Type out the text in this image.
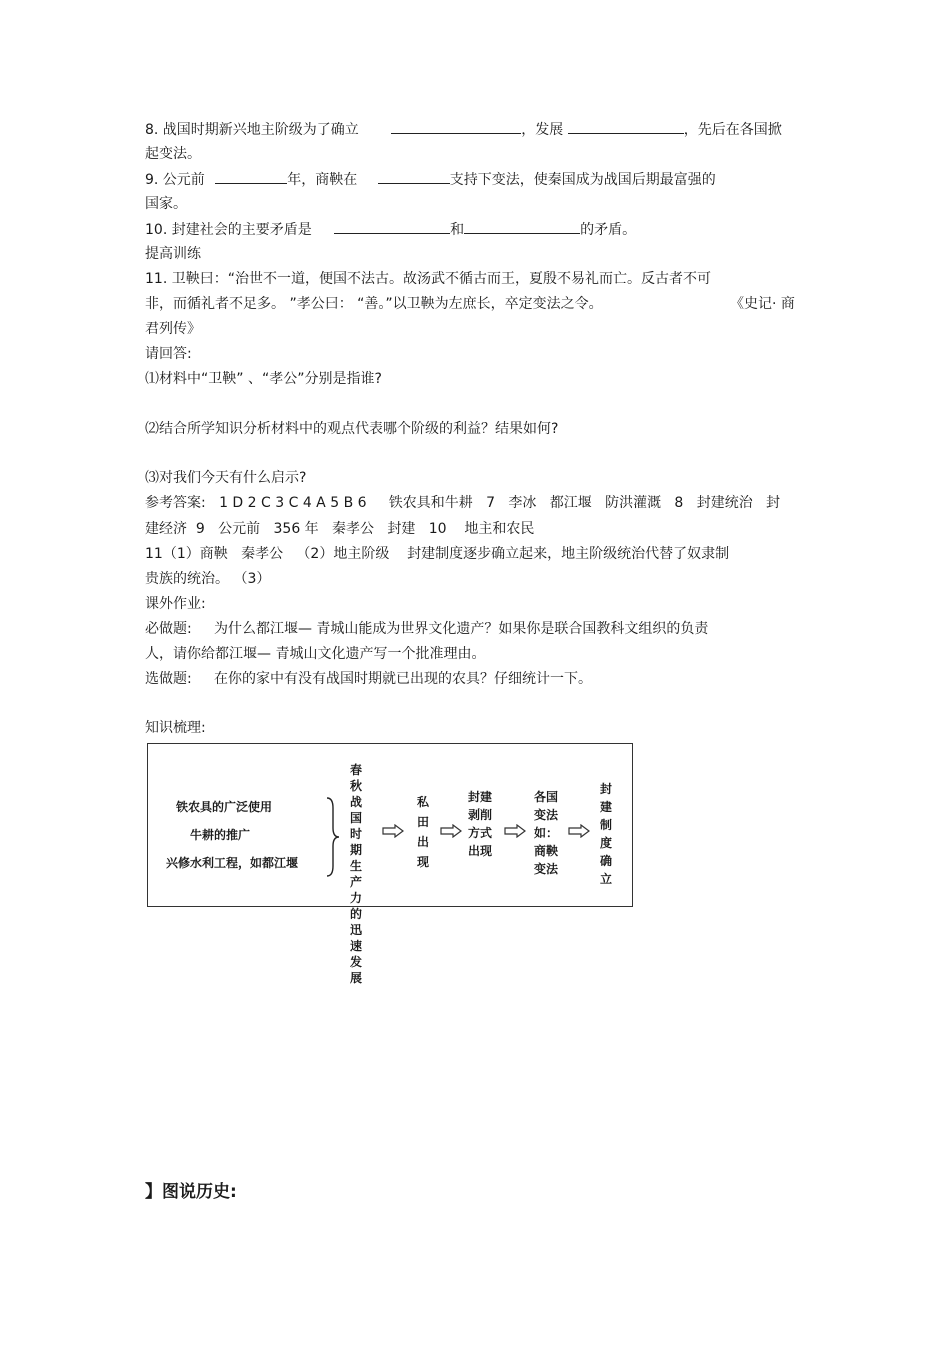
8. 战国时期新兴地主阶级为了确立	，发展	，先后在各国掀
起变法。
9. 公元前	年，商鞅在	支持下变法，使秦国成为战国后期最富强的
国家。
10. 封建社会的主要矛盾是	和	的矛盾。
提高训练
11. 卫鞅曰：“治世不一道，便国不法古。故汤武不循古而王，夏殷不易礼而亡。反古者不可
非，而循礼者不足多。 ”孝公曰： “善。”以卫鞅为左庶长，卒定变法之令。	《史记· 商
君列传》
请回答:
⑴材料中“卫鞅” 、“孝公”分别是指谁?
⑵结合所学知识分析材料中的观点代表哪个阶级的利益？结果如何?
⑶对我们今天有什么启示?
参考答案:   1 D 2 C 3 C 4 A 5 B 6     铁农具和牛耕   7   李冰   都江堰   防洪灌溉   8   封建统治   封
建经济  9   公元前   356 年   秦孝公   封建   10    地主和农民
11（1）商鞅   秦孝公   （2）地主阶级    封建制度逐步确立起来，地主阶级统治代替了奴隶制
贵族的统治。 （3）
课外作业:
必做题:     为什么都江堰— 青城山能成为世界文化遗产？如果你是联合国教科文组织的负责
人，请你给都江堰— 青城山文化遗产写一个批准理由。
选做题:     在你的家中有没有战国时期就已出现的农具？仔细统计一下。
知识梳理:
铁农具的广泛使用
牛耕的推广
兴修水利工程，如都江堰
春秋战国时期生产力的迅速发展
私田出现
封建
剥削
方式
出现
各国
变法
如：
商鞅
变法
封建制度确立
】图说历史:
